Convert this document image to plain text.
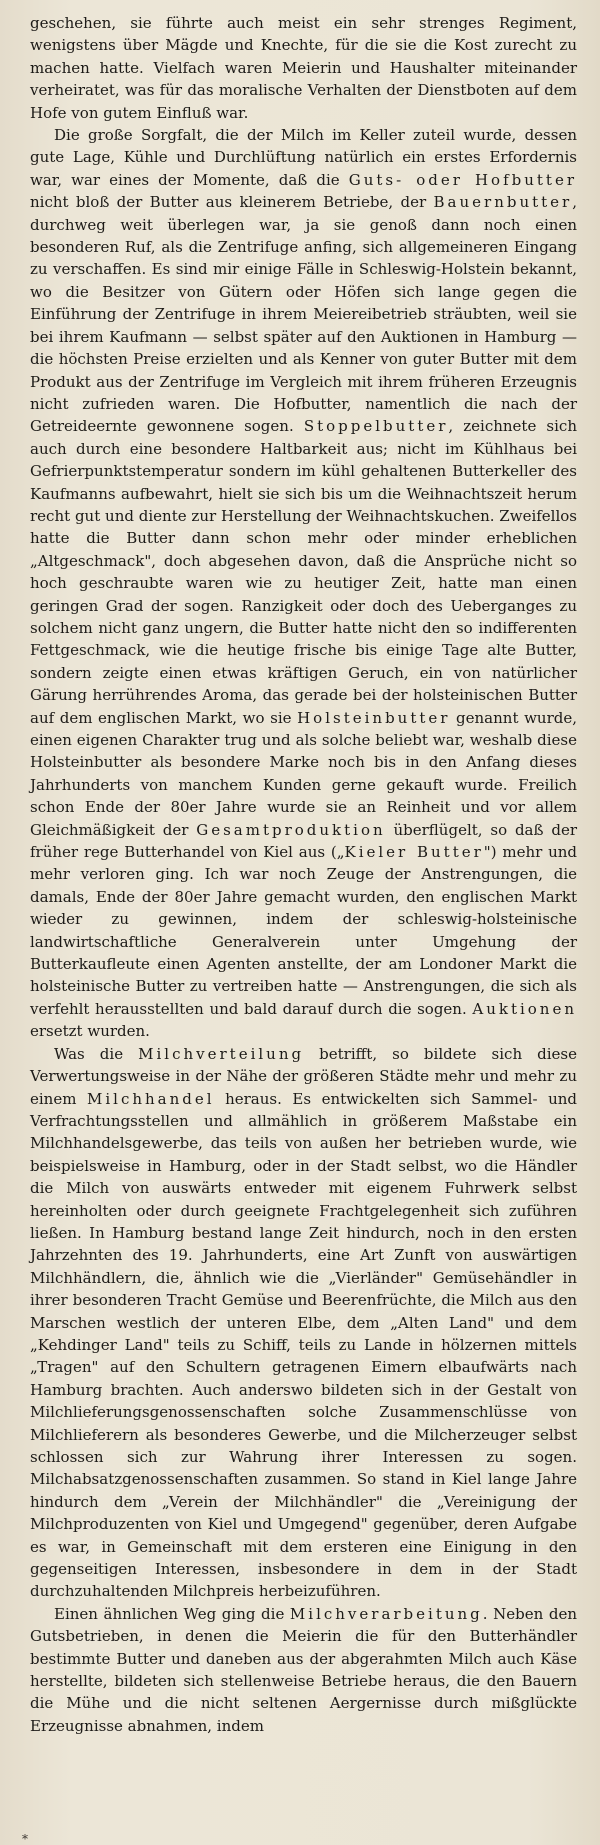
geschehen, sie führte auch meist ein sehr strenges Regiment, wenigstens über Mägde und Knechte, für die sie die Kost zurecht zu machen hatte. Vielfach waren Meierin und Haushalter miteinander verheiratet, was für das moralische Verhalten der Dienstboten auf dem Hofe von gutem Einfluß war.

Die große Sorgfalt, die der Milch im Keller zuteil wurde, dessen gute Lage, Kühle und Durchlüftung natürlich ein erstes Erfordernis war, war eines der Momente, daß die Guts- oder Hofbutter nicht bloß der Butter aus kleinerem Betriebe, der Bauernbutter, durchweg weit überlegen war, ja sie genoß dann noch einen besonderen Ruf, als die Zentrifuge anfing, sich allgemeineren Eingang zu verschaffen. Es sind mir einige Fälle in Schleswig-Holstein bekannt, wo die Besitzer von Gütern oder Höfen sich lange gegen die Einführung der Zentrifuge in ihrem Meiereibetrieb sträubten, weil sie bei ihrem Kaufmann — selbst später auf den Auktionen in Hamburg — die höchsten Preise erzielten und als Kenner von guter Butter mit dem Produkt aus der Zentrifuge im Vergleich mit ihrem früheren Erzeugnis nicht zufrieden waren. Die Hofbutter, namentlich die nach der Getreideernte gewonnene sogen. Stoppelbutter, zeichnete sich auch durch eine besondere Haltbarkeit aus; nicht im Kühlhaus bei Gefrierpunktstemperatur sondern im kühl gehaltenen Butterkeller des Kaufmanns aufbewahrt, hielt sie sich bis um die Weihnachtszeit herum recht gut und diente zur Herstellung der Weihnachtskuchen. Zweifellos hatte die Butter dann schon mehr oder minder erheblichen „Altgeschmack", doch abgesehen davon, daß die Ansprüche nicht so hoch geschraubte waren wie zu heutiger Zeit, hatte man einen geringen Grad der sogen. Ranzigkeit oder doch des Ueberganges zu solchem nicht ganz ungern, die Butter hatte nicht den so indifferenten Fettgeschmack, wie die heutige frische bis einige Tage alte Butter, sondern zeigte einen etwas kräftigen Geruch, ein von natürlicher Gärung herrührendes Aroma, das gerade bei der holsteinischen Butter auf dem englischen Markt, wo sie Holsteinbutter genannt wurde, einen eigenen Charakter trug und als solche beliebt war, weshalb diese Holsteinbutter als besondere Marke noch bis in den Anfang dieses Jahrhunderts von manchem Kunden gerne gekauft wurde. Freilich schon Ende der 80er Jahre wurde sie an Reinheit und vor allem Gleichmäßigkeit der Gesamtproduktion überflügelt, so daß der früher rege Butterhandel von Kiel aus („Kieler Butter") mehr und mehr verloren ging. Ich war noch Zeuge der Anstrengungen, die damals, Ende der 80er Jahre gemacht wurden, den englischen Markt wieder zu gewinnen, indem der schleswig-holsteinische landwirtschaftliche Generalverein unter Umgehung der Butterkaufleute einen Agenten anstellte, der am Londoner Markt die holsteinische Butter zu vertreiben hatte — Anstrengungen, die sich als verfehlt herausstellten und bald darauf durch die sogen. Auktionen ersetzt wurden.

Was die Milchverteilung betrifft, so bildete sich diese Verwertungsweise in der Nähe der größeren Städte mehr und mehr zu einem Milchhandel heraus. Es entwickelten sich Sammel- und Verfrachtungsstellen und allmählich in größerem Maßstabe ein Milchhandelsgewerbe, das teils von außen her betrieben wurde, wie beispielsweise in Hamburg, oder in der Stadt selbst, wo die Händler die Milch von auswärts entweder mit eigenem Fuhrwerk selbst hereinholten oder durch geeignete Frachtgelegenheit sich zuführen ließen. In Hamburg bestand lange Zeit hindurch, noch in den ersten Jahrzehnten des 19. Jahrhunderts, eine Art Zunft von auswärtigen Milchhändlern, die, ähnlich wie die „Vierländer" Gemüsehändler in ihrer besonderen Tracht Gemüse und Beerenfrüchte, die Milch aus den Marschen westlich der unteren Elbe, dem „Alten Land" und dem „Kehdinger Land" teils zu Schiff, teils zu Lande in hölzernen mittels „Tragen" auf den Schultern getragenen Eimern elbaufwärts nach Hamburg brachten. Auch anderswo bildeten sich in der Gestalt von Milchlieferungsgenossenschaften solche Zusammenschlüsse von Milchlieferern als besonderes Gewerbe, und die Milcherzeuger selbst schlossen sich zur Wahrung ihrer Interessen zu sogen. Milchabsatzgenossenschaften zusammen. So stand in Kiel lange Jahre hindurch dem „Verein der Milchhändler" die „Vereinigung der Milchproduzenten von Kiel und Umgegend" gegenüber, deren Aufgabe es war, in Gemeinschaft mit dem ersteren eine Einigung in den gegenseitigen Interessen, insbesondere in dem in der Stadt durchzuhaltenden Milchpreis herbeizuführen.

Einen ähnlichen Weg ging die Milchverarbeitung. Neben den Gutsbetrieben, in denen die Meierin die für den Butterhändler bestimmte Butter und daneben aus der abgerahmten Milch auch Käse herstellte, bildeten sich stellenweise Betriebe heraus, die den Bauern die Mühe und die nicht seltenen Aergernisse durch mißglückte Erzeugnisse abnahmen, indem

*
